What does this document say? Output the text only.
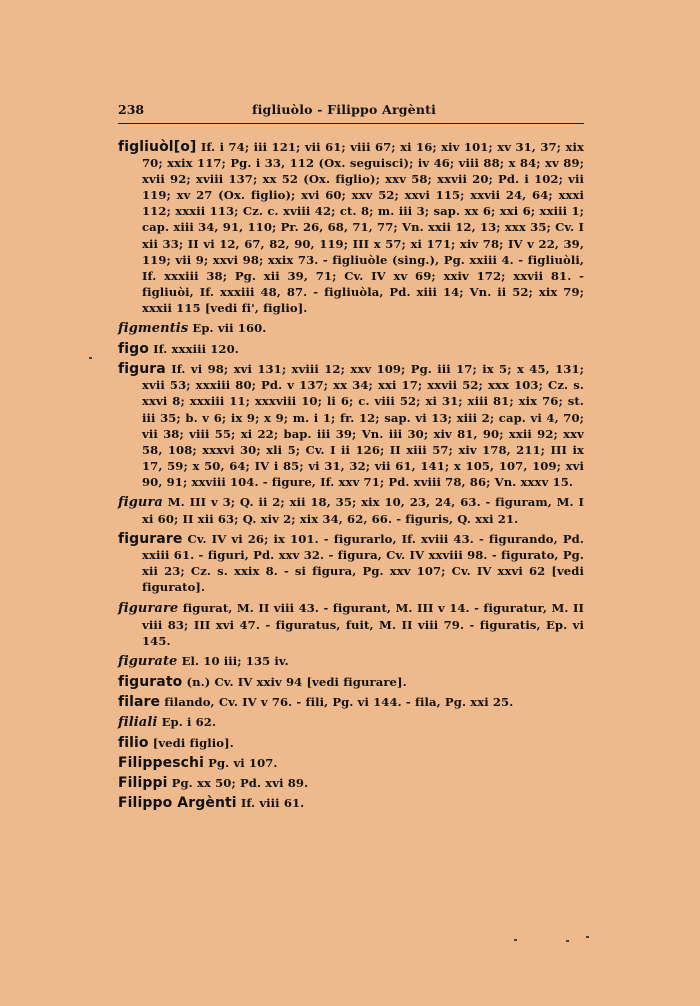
238	figliuòlo - Filippo Argènti

figliuòl[o] If. i 74; iii 121; vii 61; viii 67; xi 16; xiv 101; xv 31, 37; xix 70; xxix 117; Pg. i 33, 112 (Ox. seguisci); iv 46; viii 88; x 84; xv 89; xvii 92; xviii 137; xx 52 (Ox. figlio); xxv 58; xxvii 20; Pd. i 102; vii 119; xv 27 (Ox. figlio); xvi 60; xxv 52; xxvi 115; xxvii 24, 64; xxxi 112; xxxii 113; Cz. c. xviii 42; ct. 8; m. iii 3; sap. xx 6; xxi 6; xxiii 1; cap. xiii 34, 91, 110; Pr. 26, 68, 71, 77; Vn. xxii 12, 13; xxx 35; Cv. I xii 33; II vi 12, 67, 82, 90, 119; III x 57; xi 171; xiv 78; IV v 22, 39, 119; vii 9; xxvi 98; xxix 73. - figliuòle (sing.), Pg. xxiii 4. - figliuòli, If. xxxiii 38; Pg. xii 39, 71; Cv. IV xv 69; xxiv 172; xxvii 81. - figliuòi, If. xxxiii 48, 87. - figliuòla, Pd. xiii 14; Vn. ii 52; xix 79; xxxii 115 [vedi fi', figlio].

figmentis Ep. vii 160.

figo If. xxxiii 120.

figura If. vi 98; xvi 131; xviii 12; xxv 109; Pg. iii 17; ix 5; x 45, 131; xvii 53; xxxiii 80; Pd. v 137; xx 34; xxi 17; xxvii 52; xxx 103; Cz. s. xxvi 8; xxxiii 11; xxxviii 10; li 6; c. viii 52; xi 31; xiii 81; xix 76; st. iii 35; b. v 6; ix 9; x 9; m. i 1; fr. 12; sap. vi 13; xiii 2; cap. vi 4, 70; vii 38; viii 55; xi 22; bap. iii 39; Vn. iii 30; xiv 81, 90; xxii 92; xxv 58, 108; xxxvi 30; xli 5; Cv. I ii 126; II xiii 57; xiv 178, 211; III ix 17, 59; x 50, 64; IV i 85; vi 31, 32; vii 61, 141; x 105, 107, 109; xvi 90, 91; xxviii 104. - figure, If. xxv 71; Pd. xviii 78, 86; Vn. xxxv 15.

figura M. III v 3; Q. ii 2; xii 18, 35; xix 10, 23, 24, 63. - figuram, M. I xi 60; II xii 63; Q. xiv 2; xix 34, 62, 66. - figuris, Q. xxi 21.

figurare Cv. IV vi 26; ix 101. - figurarlo, If. xviii 43. - figurando, Pd. xxiii 61. - figuri, Pd. xxv 32. - figura, Cv. IV xxviii 98. - figurato, Pg. xii 23; Cz. s. xxix 8. - si figura, Pg. xxv 107; Cv. IV xxvi 62 [vedi figurato].

figurare figurat, M. II viii 43. - figurant, M. III v 14. - figuratur, M. II viii 83; III xvi 47. - figuratus, fuit, M. II viii 79. - figuratis, Ep. vi 145.

figurate El. 10 iii; 135 iv.

figurato (n.) Cv. IV xxiv 94 [vedi figurare].

filare filando, Cv. IV v 76. - fili, Pg. vi 144. - fila, Pg. xxi 25.

filiali Ep. i 62.

filio [vedi figlio].

Filippeschi Pg. vi 107.

Filippi Pg. xx 50; Pd. xvi 89.

Filippo Argènti If. viii 61.
